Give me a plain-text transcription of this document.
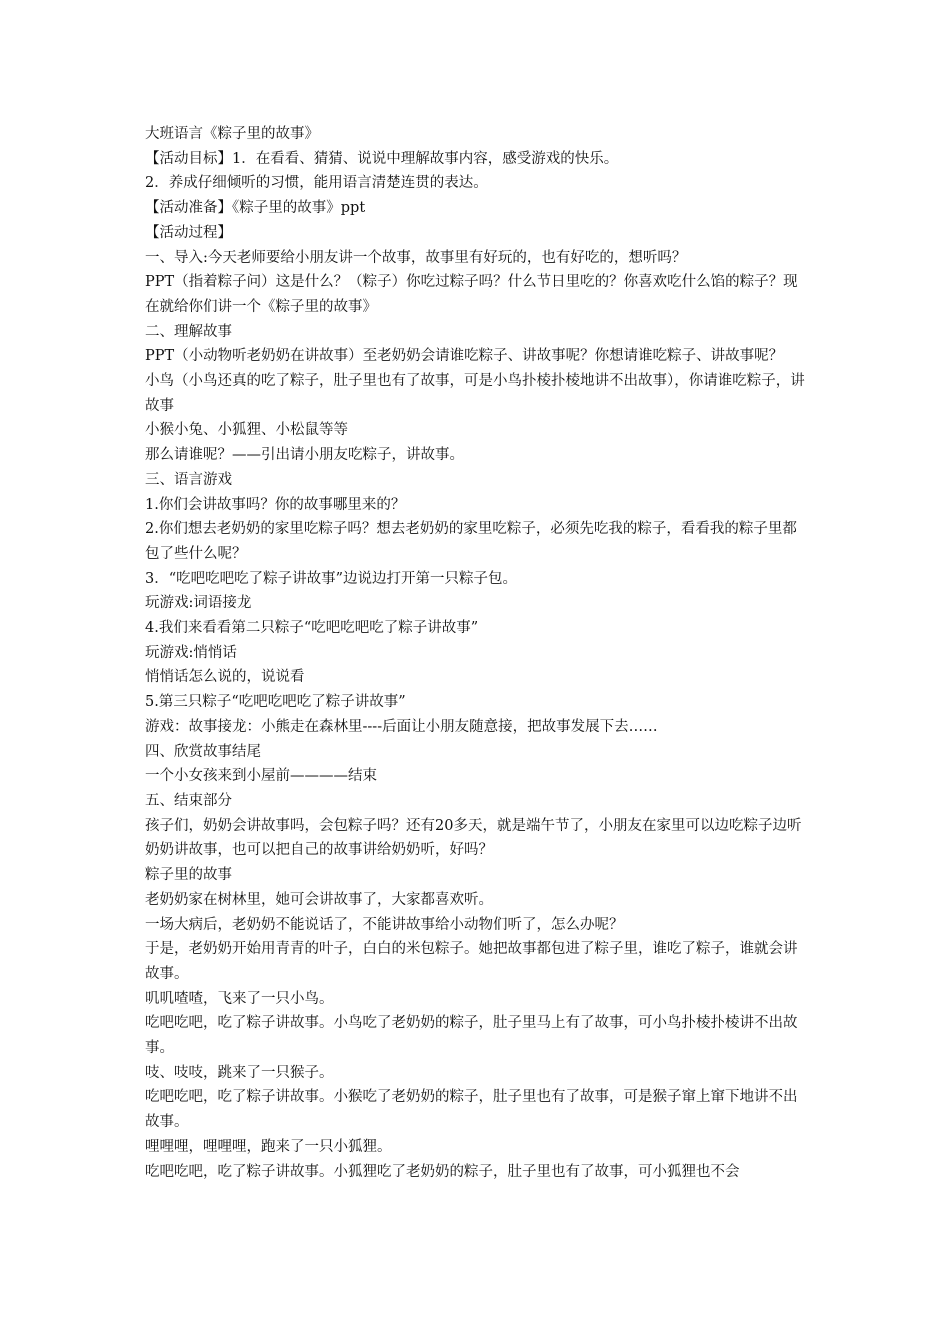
大班语言《粽子里的故事》

【活动目标】1．在看看、猜猜、说说中理解故事内容，感受游戏的快乐。

2．养成仔细倾听的习惯，能用语言清楚连贯的表达。

【活动准备】《粽子里的故事》ppt

【活动过程】

一、导入:今天老师要给小朋友讲一个故事，故事里有好玩的，也有好吃的，想听吗？

PPT（指着粽子问）这是什么？（粽子）你吃过粽子吗？什么节日里吃的？你喜欢吃什么馅的粽子？现在就给你们讲一个《粽子里的故事》

二、理解故事

PPT（小动物听老奶奶在讲故事）至老奶奶会请谁吃粽子、讲故事呢？你想请谁吃粽子、讲故事呢？

小鸟（小鸟还真的吃了粽子，肚子里也有了故事，可是小鸟扑棱扑棱地讲不出故事），你请谁吃粽子，讲故事

小猴小兔、小狐狸、小松鼠等等

那么请谁呢？——引出请小朋友吃粽子，讲故事。

三、语言游戏

1.你们会讲故事吗？你的故事哪里来的？

2.你们想去老奶奶的家里吃粽子吗？想去老奶奶的家里吃粽子，必须先吃我的粽子，看看我的粽子里都包了些什么呢？

3．“吃吧吃吧吃了粽子讲故事”边说边打开第一只粽子包。

玩游戏:词语接龙

4.我们来看看第二只粽子“吃吧吃吧吃了粽子讲故事”

玩游戏:悄悄话

悄悄话怎么说的，说说看

5.第三只粽子“吃吧吃吧吃了粽子讲故事”

游戏：故事接龙：小熊走在森林里----后面让小朋友随意接，把故事发展下去……

四、欣赏故事结尾

一个小女孩来到小屋前————结束

五、结束部分

孩子们，奶奶会讲故事吗，会包粽子吗？还有20多天，就是端午节了，小朋友在家里可以边吃粽子边听奶奶讲故事，也可以把自己的故事讲给奶奶听，好吗？

粽子里的故事

老奶奶家在树林里，她可会讲故事了，大家都喜欢听。

一场大病后，老奶奶不能说话了，不能讲故事给小动物们听了，怎么办呢？

于是，老奶奶开始用青青的叶子，白白的米包粽子。她把故事都包进了粽子里，谁吃了粽子，谁就会讲故事。

叽叽喳喳，飞来了一只小鸟。

吃吧吃吧，吃了粽子讲故事。小鸟吃了老奶奶的粽子，肚子里马上有了故事，可小鸟扑棱扑棱讲不出故事。

吱、吱吱，跳来了一只猴子。

吃吧吃吧，吃了粽子讲故事。小猴吃了老奶奶的粽子，肚子里也有了故事，可是猴子窜上窜下地讲不出故事。

哩哩哩，哩哩哩，跑来了一只小狐狸。

吃吧吃吧，吃了粽子讲故事。小狐狸吃了老奶奶的粽子，肚子里也有了故事，可小狐狸也不会
